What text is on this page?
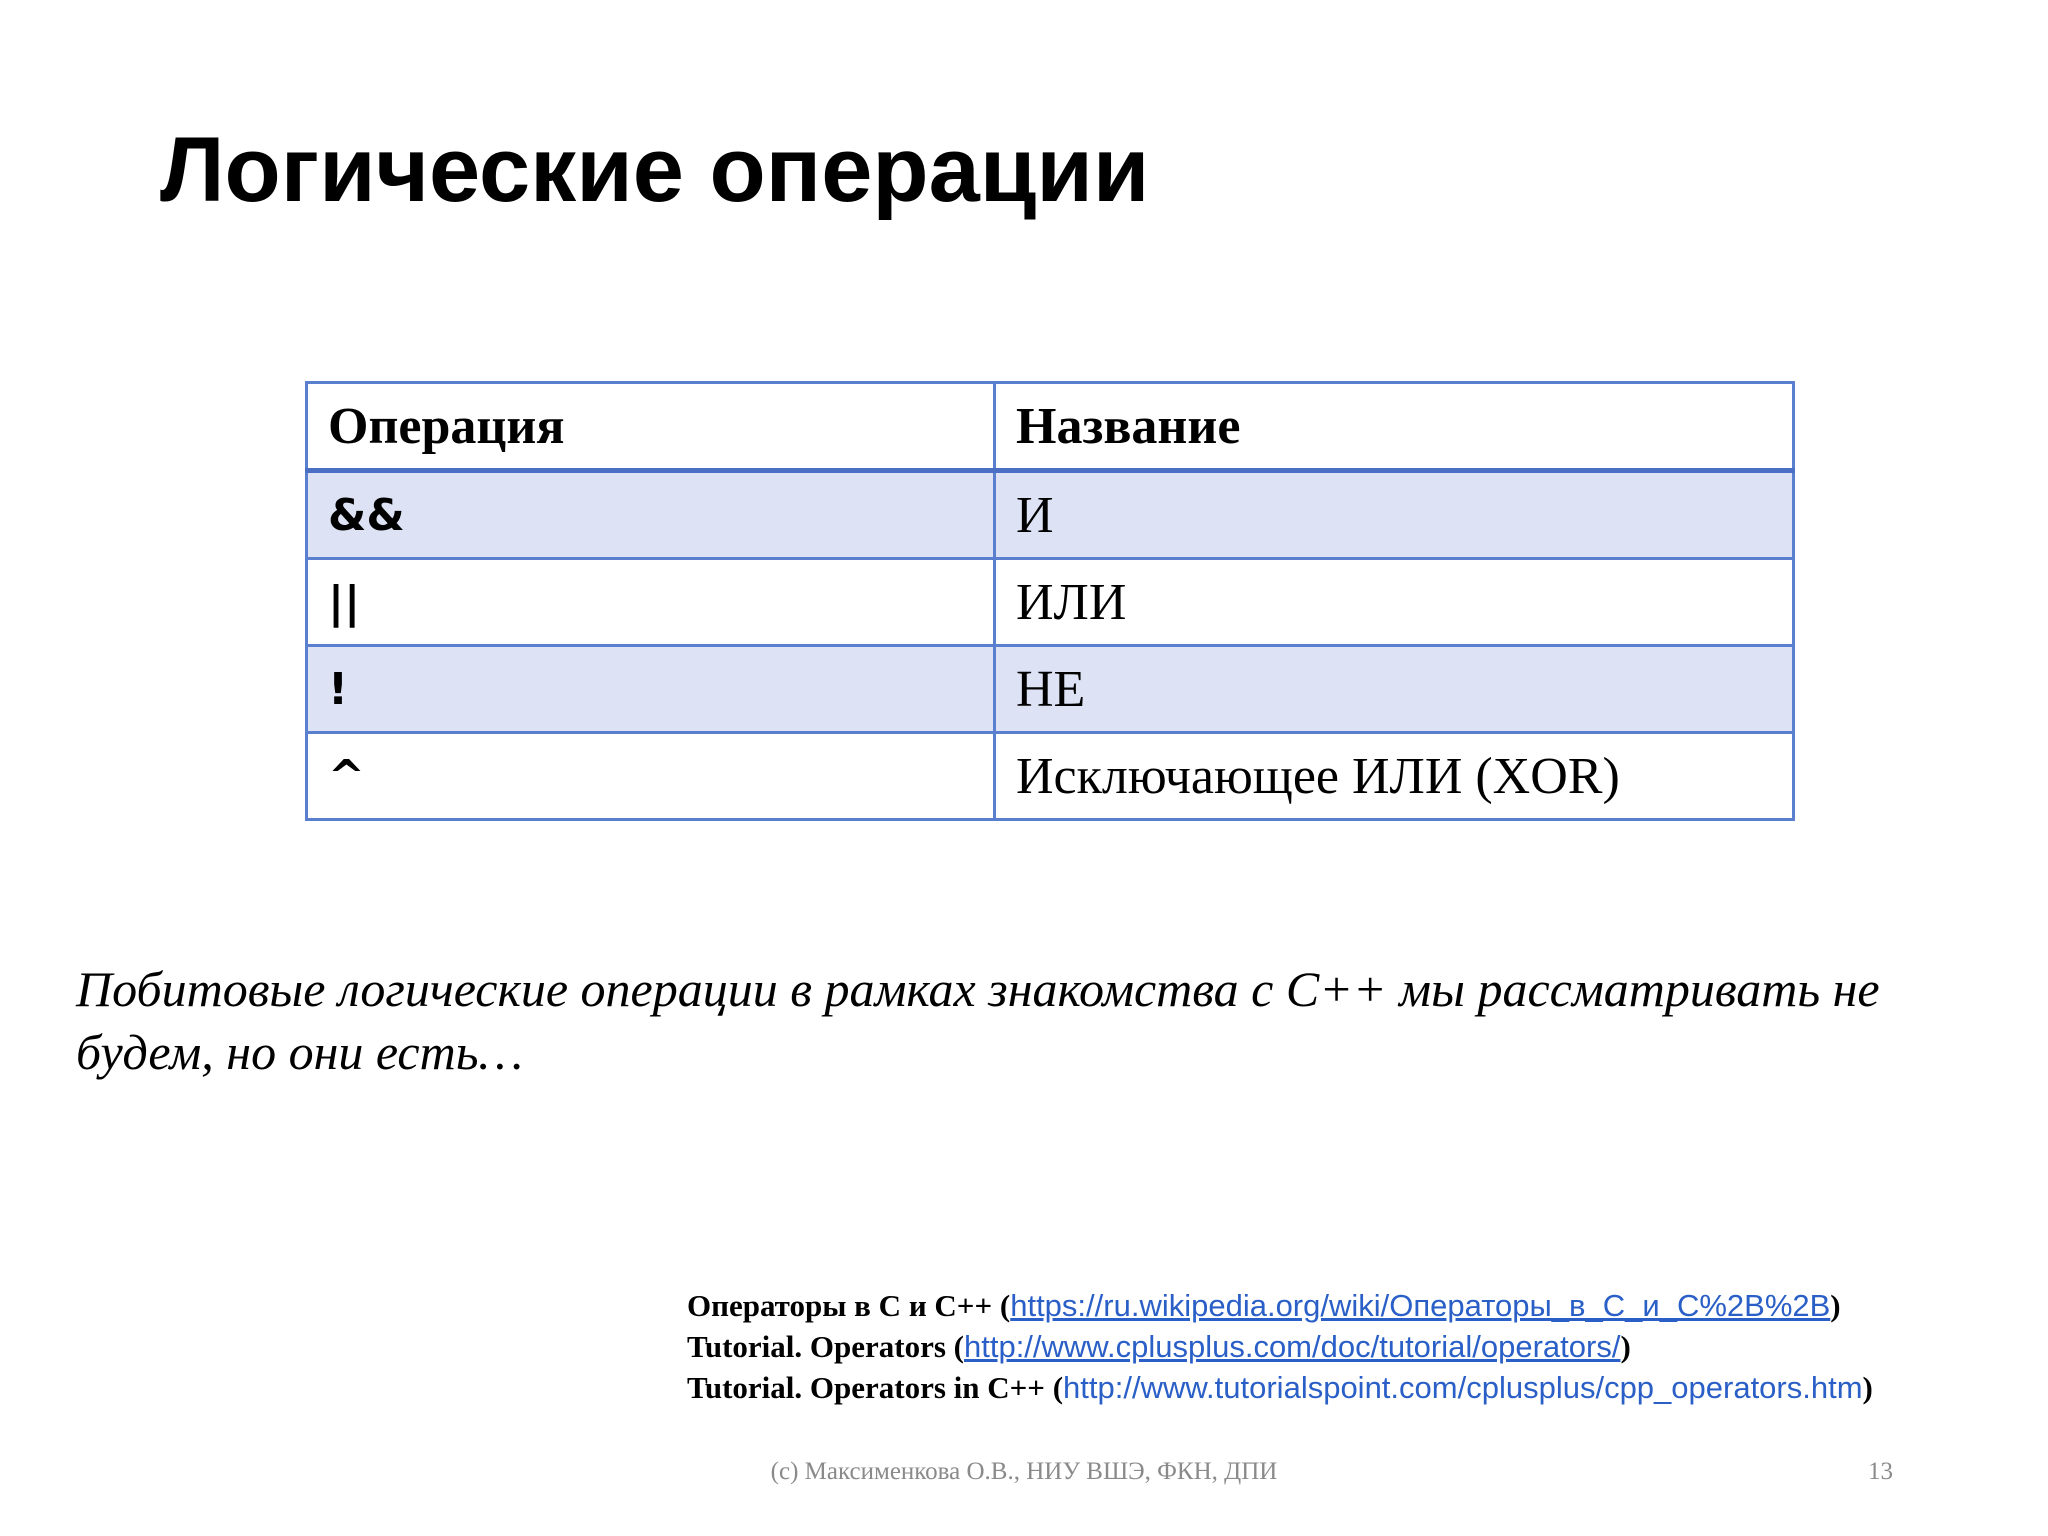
Логические операции
Операция	Название
&&	И
||	ИЛИ
!	НЕ
^	Исключающее ИЛИ (XOR)

Побитовые логические операции в рамках знакомства с C++ мы рассматривать не будем, но они есть…

Операторы в C и C++ (https://ru.wikipedia.org/wiki/Операторы_в_C_и_C%2B%2B)
Tutorial. Operators (http://www.cplusplus.com/doc/tutorial/operators/)
Tutorial. Operators in C++ (http://www.tutorialspoint.com/cplusplus/cpp_operators.htm)
(c) Максименкова О.В., НИУ ВШЭ, ФКН, ДПИ	13
